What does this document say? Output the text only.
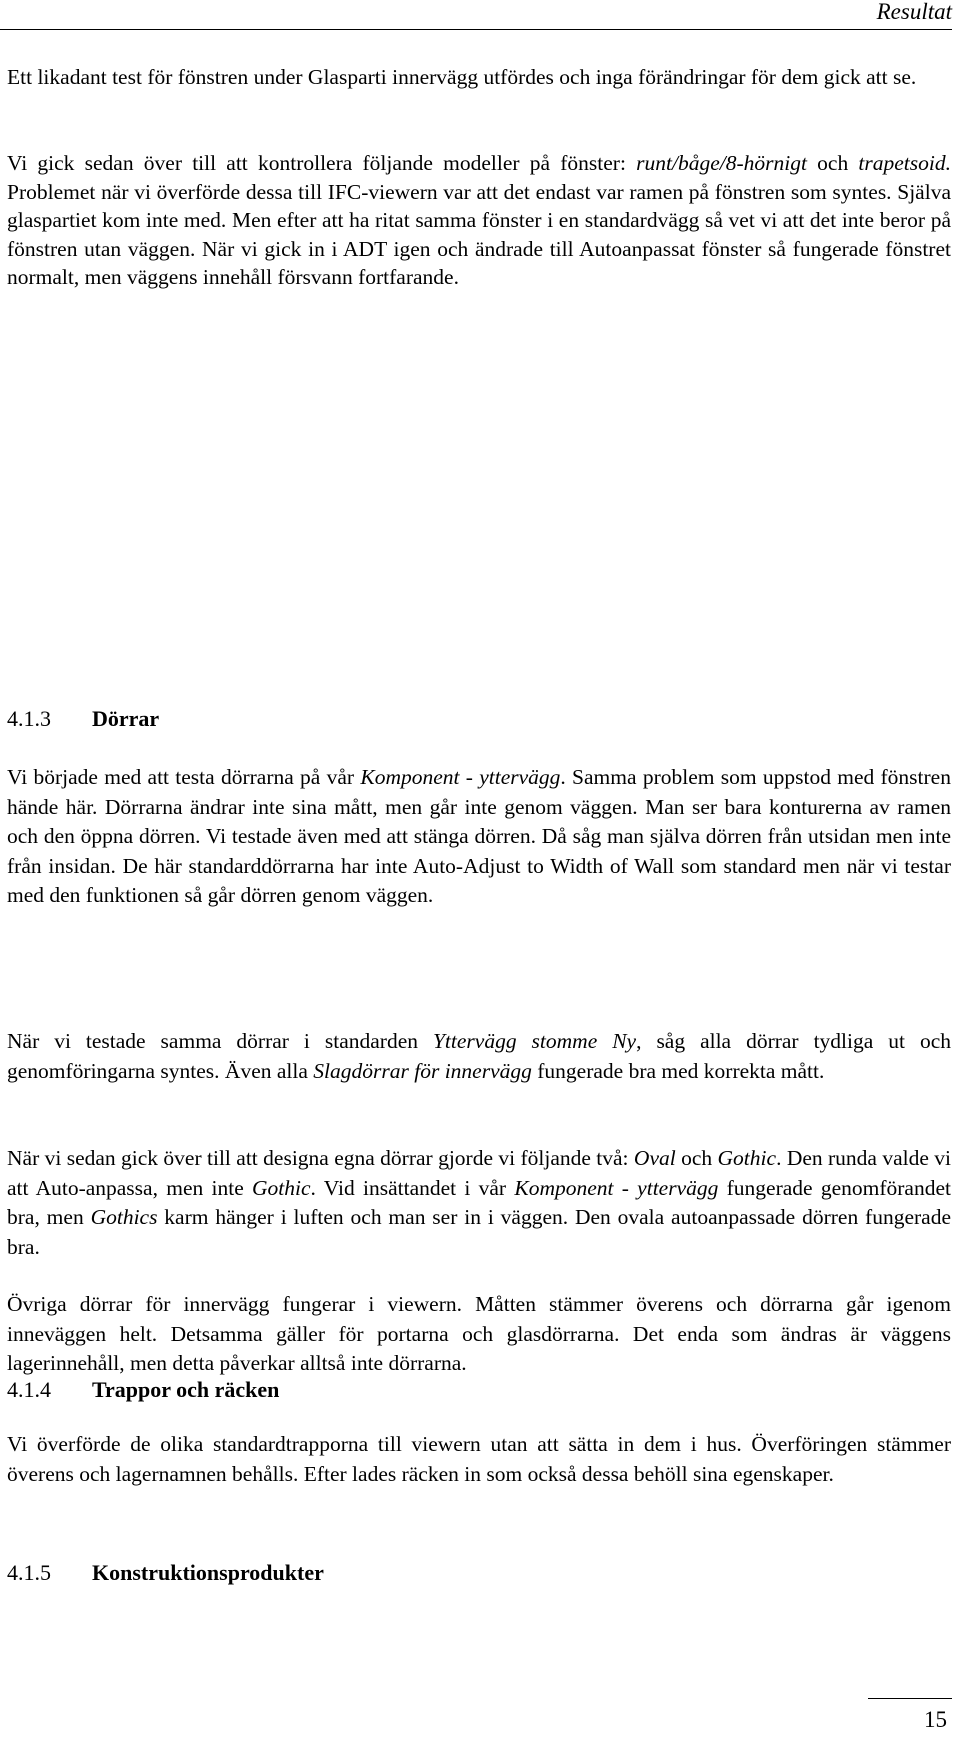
Resultat

Ett likadant test för fönstren under Glasparti innervägg utfördes och inga förändringar för dem gick att se.

Vi gick sedan över till att kontrollera följande modeller på fönster: runt/båge/8-hörnigt och trapetsoid. Problemet när vi överförde dessa till IFC-viewern var att det endast var ramen på fönstren som syntes. Själva glaspartiet kom inte med. Men efter att ha ritat samma fönster i en standardvägg så vet vi att det inte beror på fönstren utan väggen. När vi gick in i ADT igen och ändrade till Autoanpassat fönster så fungerade fönstret normalt, men väggens innehåll försvann fortfarande.

4.1.3 Dörrar

Vi började med att testa dörrarna på vår Komponent - yttervägg. Samma problem som uppstod med fönstren hände här. Dörrarna ändrar inte sina mått, men går inte genom väggen. Man ser bara konturerna av ramen och den öppna dörren. Vi testade även med att stänga dörren. Då såg man själva dörren från utsidan men inte från insidan. De här standarddörrarna har inte Auto-Adjust to Width of Wall som standard men när vi testar med den funktionen så går dörren genom väggen.

När vi testade samma dörrar i standarden Yttervägg stomme Ny, såg alla dörrar tydliga ut och genomföringarna syntes. Även alla Slagdörrar för innervägg fungerade bra med korrekta mått.

När vi sedan gick över till att designa egna dörrar gjorde vi följande två: Oval och Gothic. Den runda valde vi att Auto-anpassa, men inte Gothic. Vid insättandet i vår Komponent - yttervägg fungerade genomförandet bra, men Gothics karm hänger i luften och man ser in i väggen. Den ovala autoanpassade dörren fungerade bra.

Övriga dörrar för innervägg fungerar i viewern. Måtten stämmer överens och dörrarna går igenom inneväggen helt. Detsamma gäller för portarna och glasdörrarna. Det enda som ändras är väggens lagerinnehåll, men detta påverkar alltså inte dörrarna.

4.1.4 Trappor och räcken

Vi överförde de olika standardtrapporna till viewern utan att sätta in dem i hus. Överföringen stämmer överens och lagernamnen behålls. Efter lades räcken in som också dessa behöll sina egenskaper.

4.1.5 Konstruktionsprodukter

15
